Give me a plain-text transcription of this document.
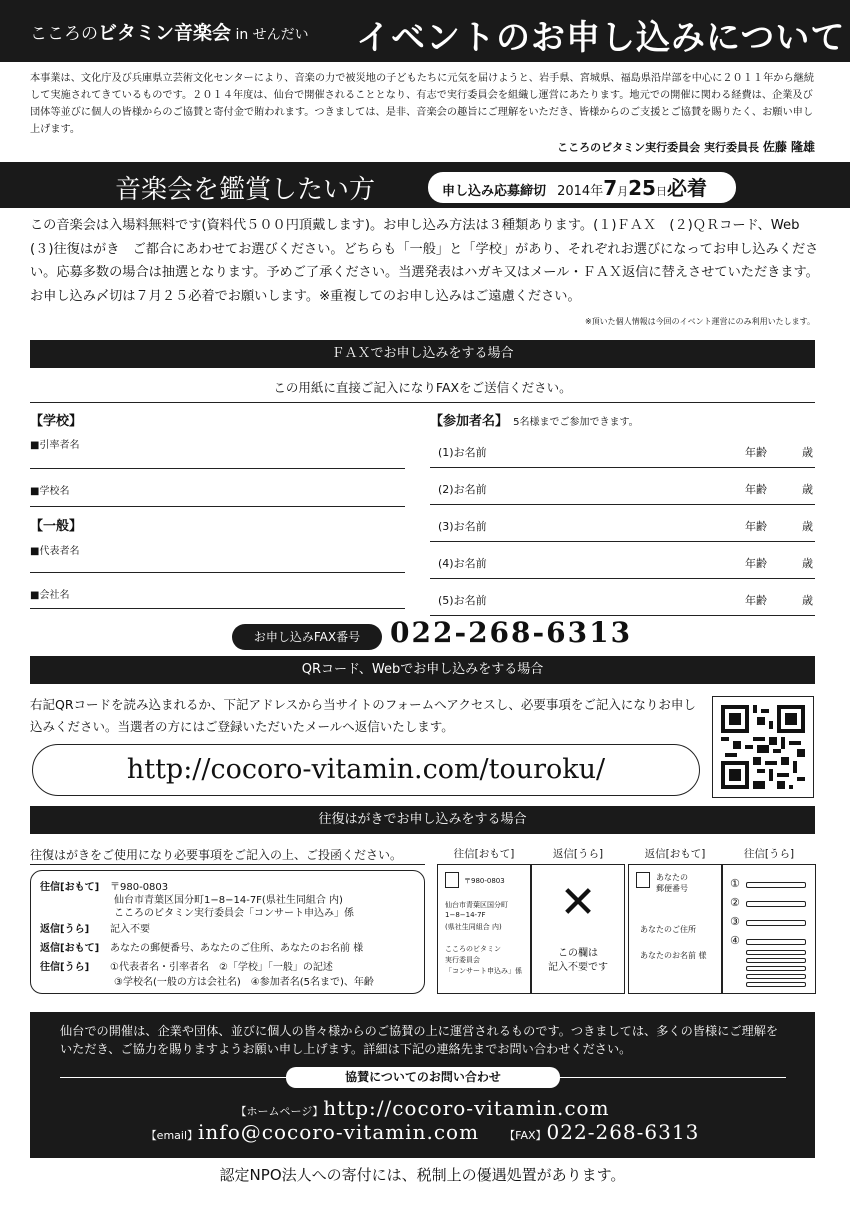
こころのビタミン音楽会 in せんだい イベントのお申し込みについて
本事業は、文化庁及び兵庫県立芸術文化センターにより、音楽の力で被災地の子どもたちに元気を届けようと、岩手県、宮城県、福島県沿岸部を中心に２０１１年から継続して実施されてきているものです。２０１４年度は、仙台で開催されることとなり、有志で実行委員会を組織し運営にあたります。地元での開催に関わる経費は、企業及び団体等並びに個人の皆様からのご協賛と寄付金で賄われます。つきましては、是非、音楽会の趣旨にご理解をいただき、皆様からのご支援とご協賛を賜りたく、お願い申し上げます。
こころのビタミン実行委員会 実行委員長 佐藤 隆雄
音楽会を鑑賞したい方	申し込み応募締切 2014年7月25日必着
この音楽会は入場料無料です(資料代５００円頂戴します)。お申し込み方法は３種類あります。(１)ＦＡＸ　(２)ＱＲコード、Web　(３)往復はがき　ご都合にあわせてお選びください。どちらも「一般」と「学校」があり、それぞれお選びになってお申し込みください。応募多数の場合は抽選となります。予めご了承ください。当選発表はハガキ又はメール・ＦＡＸ返信に替えさせていただきます。お申し込み〆切は７月２５必着でお願いします。※重複してのお申し込みはご遠慮ください。
※頂いた個人情報は今回のイベント運営にのみ利用いたします。
ＦＡＸでお申し込みをする場合
この用紙に直接ご記入になりFAXをご送信ください。
【学校】
■引率者名
■学校名
【一般】
■代表者名
■会社名
【参加者名】 5名様までご参加できます。
(1)お名前	年齢	歳
(2)お名前	年齢	歳
(3)お名前	年齢	歳
(4)お名前	年齢	歳
(5)お名前	年齢	歳
お申し込みFAX番号	022-268-6313
QRコード、Webでお申し込みをする場合
右記QRコードを読み込まれるか、下記アドレスから当サイトのフォームへアクセスし、必要事項をご記入になりお申し込みください。当選者の方にはご登録いただいたメールへ返信いたします。
http://cocoro-vitamin.com/touroku/
往復はがきでお申し込みをする場合
往復はがきをご使用になり必要事項をご記入の上、ご投函ください。
往信[おもて] 〒980-0803
仙台市青葉区国分町1−8−14-7F(県社生同組合 内)
こころのビタミン実行委員会「コンサート申込み」係
返信[うら] 記入不要
返信[おもて] あなたの郵便番号、あなたのご住所、あなたのお名前 様
往信[うら] ①代表者名・引率者名　②「学校」「一般」の記述
③学校名(一般の方は会社名)　④参加者名(5名まで)、年齢
往信[おもて]	返信[うら]	返信[おもて]	往信[うら]
〒980-0803
仙台市青葉区国分町
1−8−14-7F
(県社生同組合 内)
こころのビタミン
実行委員会
「コンサート申込み」係
✕
この欄は
記入不要です
あなたの
郵便番号
あなたのご住所
あなたのお名前 様
①
②
③
④
仙台での開催は、企業や団体、並びに個人の皆々様からのご協賛の上に運営されるものです。つきましては、多くの皆様にご理解をいただき、ご協力を賜りますようお願い申し上げます。詳細は下記の連絡先までお問い合わせください。
協賛についてのお問い合わせ
【ホームページ】http://cocoro-vitamin.com
【email】info@cocoro-vitamin.com 【FAX】022-268-6313
認定NPO法人への寄付には、税制上の優遇処置があります。
